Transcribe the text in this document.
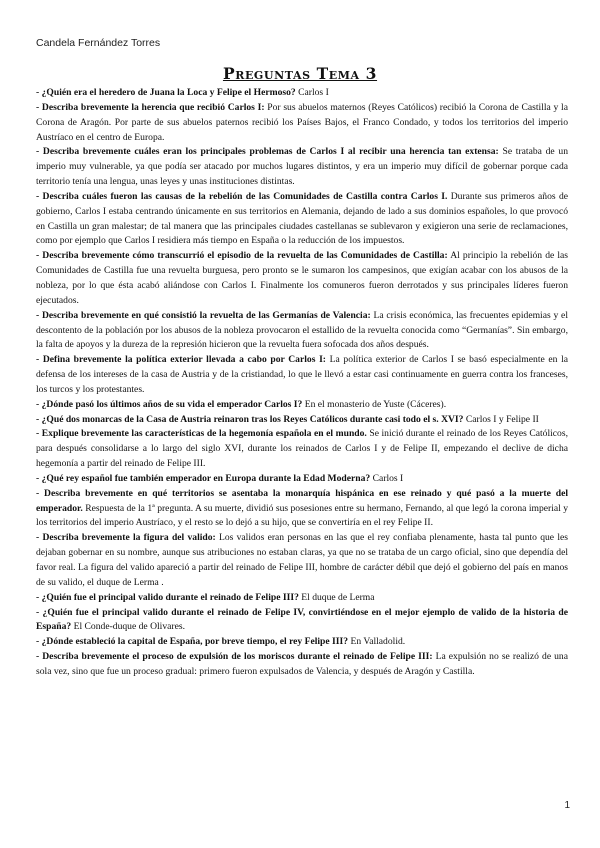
Candela Fernández Torres
Preguntas Tema 3

- ¿Quién era el heredero de Juana la Loca y Felipe el Hermoso? Carlos I

- Describa brevemente la herencia que recibió Carlos I: Por sus abuelos maternos (Reyes Católicos) recibió la Corona de Castilla y la Corona de Aragón. Por parte de sus abuelos paternos recibió los Países Bajos, el Franco Condado, y todos los territorios del imperio Austríaco en el centro de Europa.

- Describa brevemente cuáles eran los principales problemas de Carlos I al recibir una herencia tan extensa: Se trataba de un imperio muy vulnerable, ya que podía ser atacado por muchos lugares distintos, y era un imperio muy difícil de gobernar porque cada territorio tenía una lengua, unas leyes y unas instituciones distintas.

- Describa cuáles fueron las causas de la rebelión de las Comunidades de Castilla contra Carlos I. Durante sus primeros años de gobierno, Carlos I estaba centrando únicamente en sus territorios en Alemania, dejando de lado a sus dominios españoles, lo que provocó en Castilla un gran malestar; de tal manera que las principales ciudades castellanas se sublevaron y exigieron una serie de reclamaciones, como por ejemplo que Carlos I residiera más tiempo en España o la reducción de los impuestos.

- Describa brevemente cómo transcurrió el episodio de la revuelta de las Comunidades de Castilla: Al principio la rebelión de las Comunidades de Castilla fue una revuelta burguesa, pero pronto se le sumaron los campesinos, que exigían acabar con los abusos de la nobleza, por lo que ésta acabó aliándose con Carlos I. Finalmente los comuneros fueron derrotados y sus principales líderes fueron ejecutados.

- Describa brevemente en qué consistió la revuelta de las Germanías de Valencia: La crisis económica, las frecuentes epidemias y el descontento de la población por los abusos de la nobleza provocaron el estallido de la revuelta conocida como “Germanías”. Sin embargo, la falta de apoyos y la dureza de la represión hicieron que la revuelta fuera sofocada dos años después.

- Defina brevemente la política exterior llevada a cabo por Carlos I: La política exterior de Carlos I se basó especialmente en la defensa de los intereses de la casa de Austria y de la cristiandad, lo que le llevó a estar casi continuamente en guerra contra los franceses, los turcos y los protestantes.

- ¿Dónde pasó los últimos años de su vida el emperador Carlos I? En el monasterio de Yuste (Cáceres).

- ¿Qué dos monarcas de la Casa de Austria reinaron tras los Reyes Católicos durante casi todo el s. XVI? Carlos I y Felipe II

- Explique brevemente las características de la hegemonía española en el mundo. Se inició durante el reinado de los Reyes Católicos, para después consolidarse a lo largo del siglo XVI, durante los reinados de Carlos I y de Felipe II, empezando el declive de dicha hegemonía a partir del reinado de Felipe III.

- ¿Qué rey español fue también emperador en Europa durante la Edad Moderna? Carlos I

- Describa brevemente en qué territorios se asentaba la monarquía hispánica en ese reinado y qué pasó a la muerte del emperador. Respuesta de la 1ª pregunta. A su muerte, dividió sus posesiones entre su hermano, Fernando, al que legó la corona imperial y los territorios del imperio Austríaco, y el resto se lo dejó a su hijo, que se convertiría en el rey Felipe II.

- Describa brevemente la figura del valido: Los validos eran personas en las que el rey confiaba plenamente, hasta tal punto que les dejaban gobernar en su nombre, aunque sus atribuciones no estaban claras, ya que no se trataba de un cargo oficial, sino que dependía del favor real. La figura del valido apareció a partir del reinado de Felipe III, hombre de carácter débil que dejó el gobierno del país en manos de su valido, el duque de Lerma .

- ¿Quién fue el principal valido durante el reinado de Felipe III? El duque de Lerma

- ¿Quién fue el principal valido durante el reinado de Felipe IV, convirtiéndose en el mejor ejemplo de valido de la historia de España? El Conde-duque de Olivares.

- ¿Dónde estableció la capital de España, por breve tiempo, el rey Felipe III? En Valladolid.

- Describa brevemente el proceso de expulsión de los moriscos durante el reinado de Felipe III: La expulsión no se realizó de una sola vez, sino que fue un proceso gradual: primero fueron expulsados de Valencia, y después de Aragón y Castilla.

1
